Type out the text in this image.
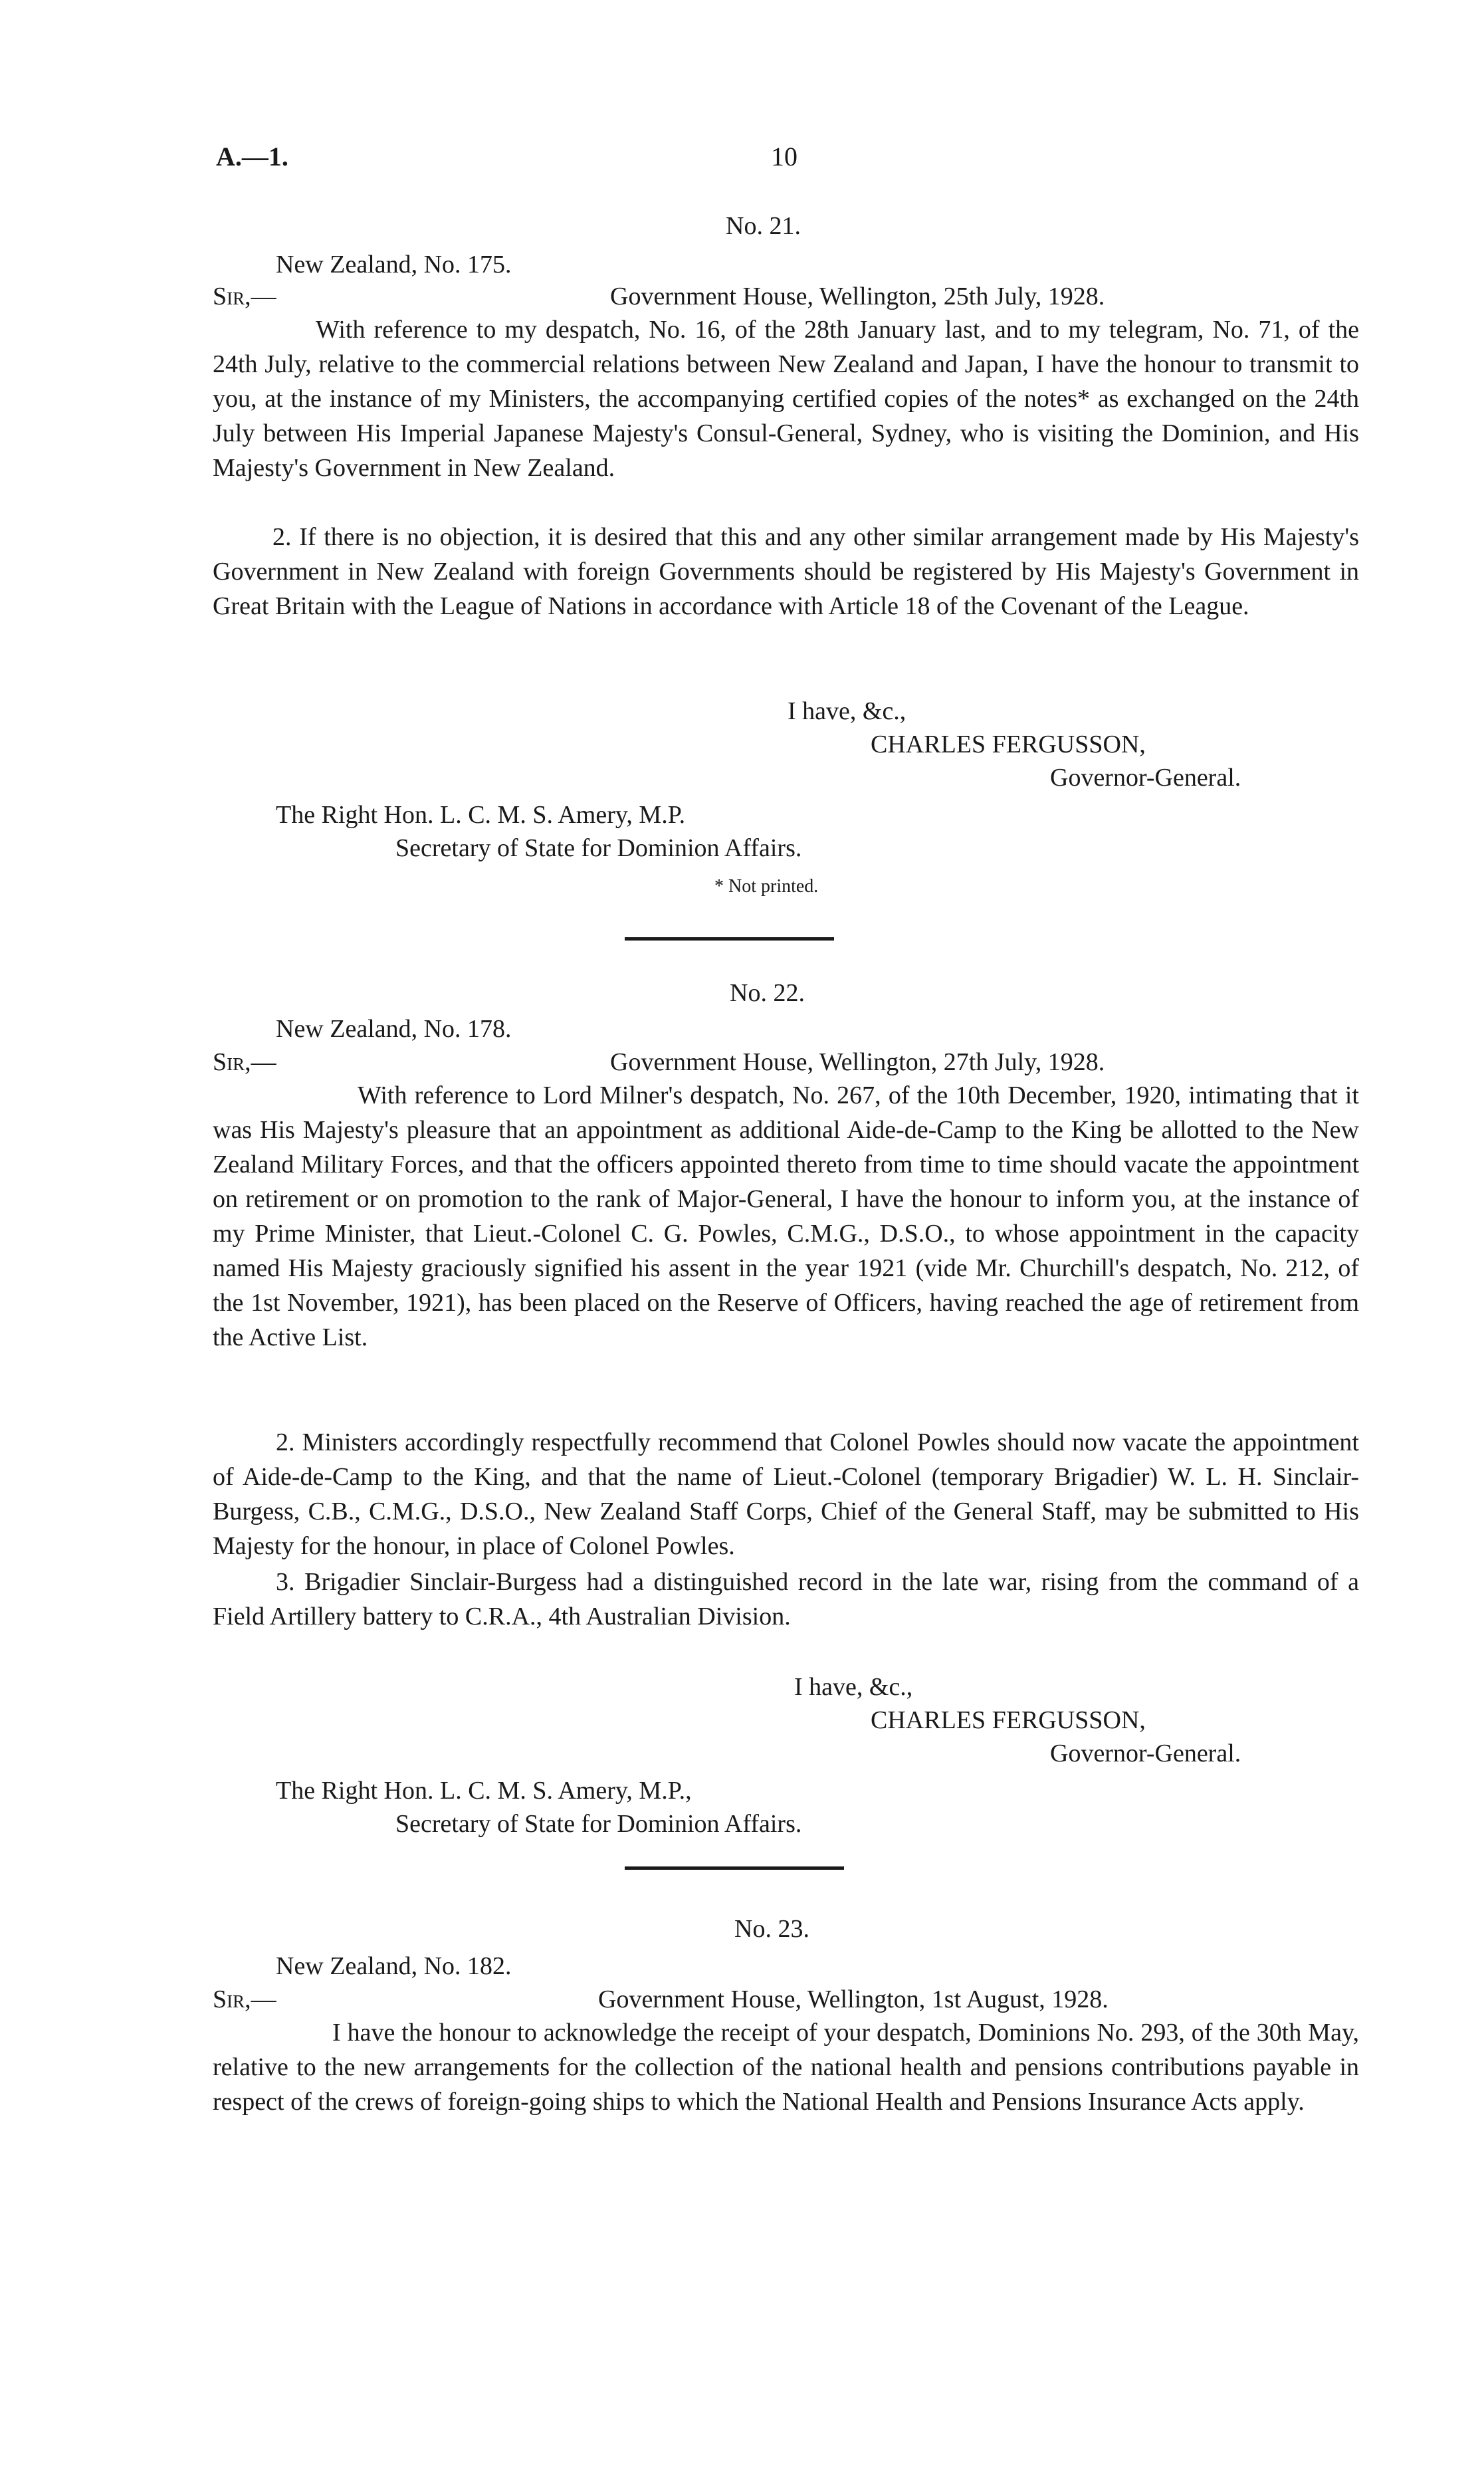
A.—1.	10
No. 21.
New Zealand, No. 175.
Sir,—	Government House, Wellington, 25th July, 1928.
With reference to my despatch, No. 16, of the 28th January last, and to my telegram, No. 71, of the 24th July, relative to the commercial relations between New Zealand and Japan, I have the honour to transmit to you, at the instance of my Ministers, the accompanying certified copies of the notes* as exchanged on the 24th July between His Imperial Japanese Majesty's Consul-General, Sydney, who is visiting the Dominion, and His Majesty's Government in New Zealand.
2. If there is no objection, it is desired that this and any other similar arrangement made by His Majesty's Government in New Zealand with foreign Governments should be registered by His Majesty's Government in Great Britain with the League of Nations in accordance with Article 18 of the Covenant of the League.
I have, &c.,
CHARLES FERGUSSON,
Governor-General.
The Right Hon. L. C. M. S. Amery, M.P.
Secretary of State for Dominion Affairs.
* Not printed.
No. 22.
New Zealand, No. 178.
Sir,—	Government House, Wellington, 27th July, 1928.
With reference to Lord Milner's despatch, No. 267, of the 10th December, 1920, intimating that it was His Majesty's pleasure that an appointment as additional Aide-de-Camp to the King be allotted to the New Zealand Military Forces, and that the officers appointed thereto from time to time should vacate the appointment on retirement or on promotion to the rank of Major-General, I have the honour to inform you, at the instance of my Prime Minister, that Lieut.-Colonel C. G. Powles, C.M.G., D.S.O., to whose appointment in the capacity named His Majesty graciously signified his assent in the year 1921 (vide Mr. Churchill's despatch, No. 212, of the 1st November, 1921), has been placed on the Reserve of Officers, having reached the age of retirement from the Active List.
2. Ministers accordingly respectfully recommend that Colonel Powles should now vacate the appointment of Aide-de-Camp to the King, and that the name of Lieut.-Colonel (temporary Brigadier) W. L. H. Sinclair-Burgess, C.B., C.M.G., D.S.O., New Zealand Staff Corps, Chief of the General Staff, may be submitted to His Majesty for the honour, in place of Colonel Powles.
3. Brigadier Sinclair-Burgess had a distinguished record in the late war, rising from the command of a Field Artillery battery to C.R.A., 4th Australian Division.
I have, &c.,
CHARLES FERGUSSON,
Governor-General.
The Right Hon. L. C. M. S. Amery, M.P.,
Secretary of State for Dominion Affairs.
No. 23.
New Zealand, No. 182.
Sir,—	Government House, Wellington, 1st August, 1928.
I have the honour to acknowledge the receipt of your despatch, Dominions No. 293, of the 30th May, relative to the new arrangements for the collection of the national health and pensions contributions payable in respect of the crews of foreign-going ships to which the National Health and Pensions Insurance Acts apply.
